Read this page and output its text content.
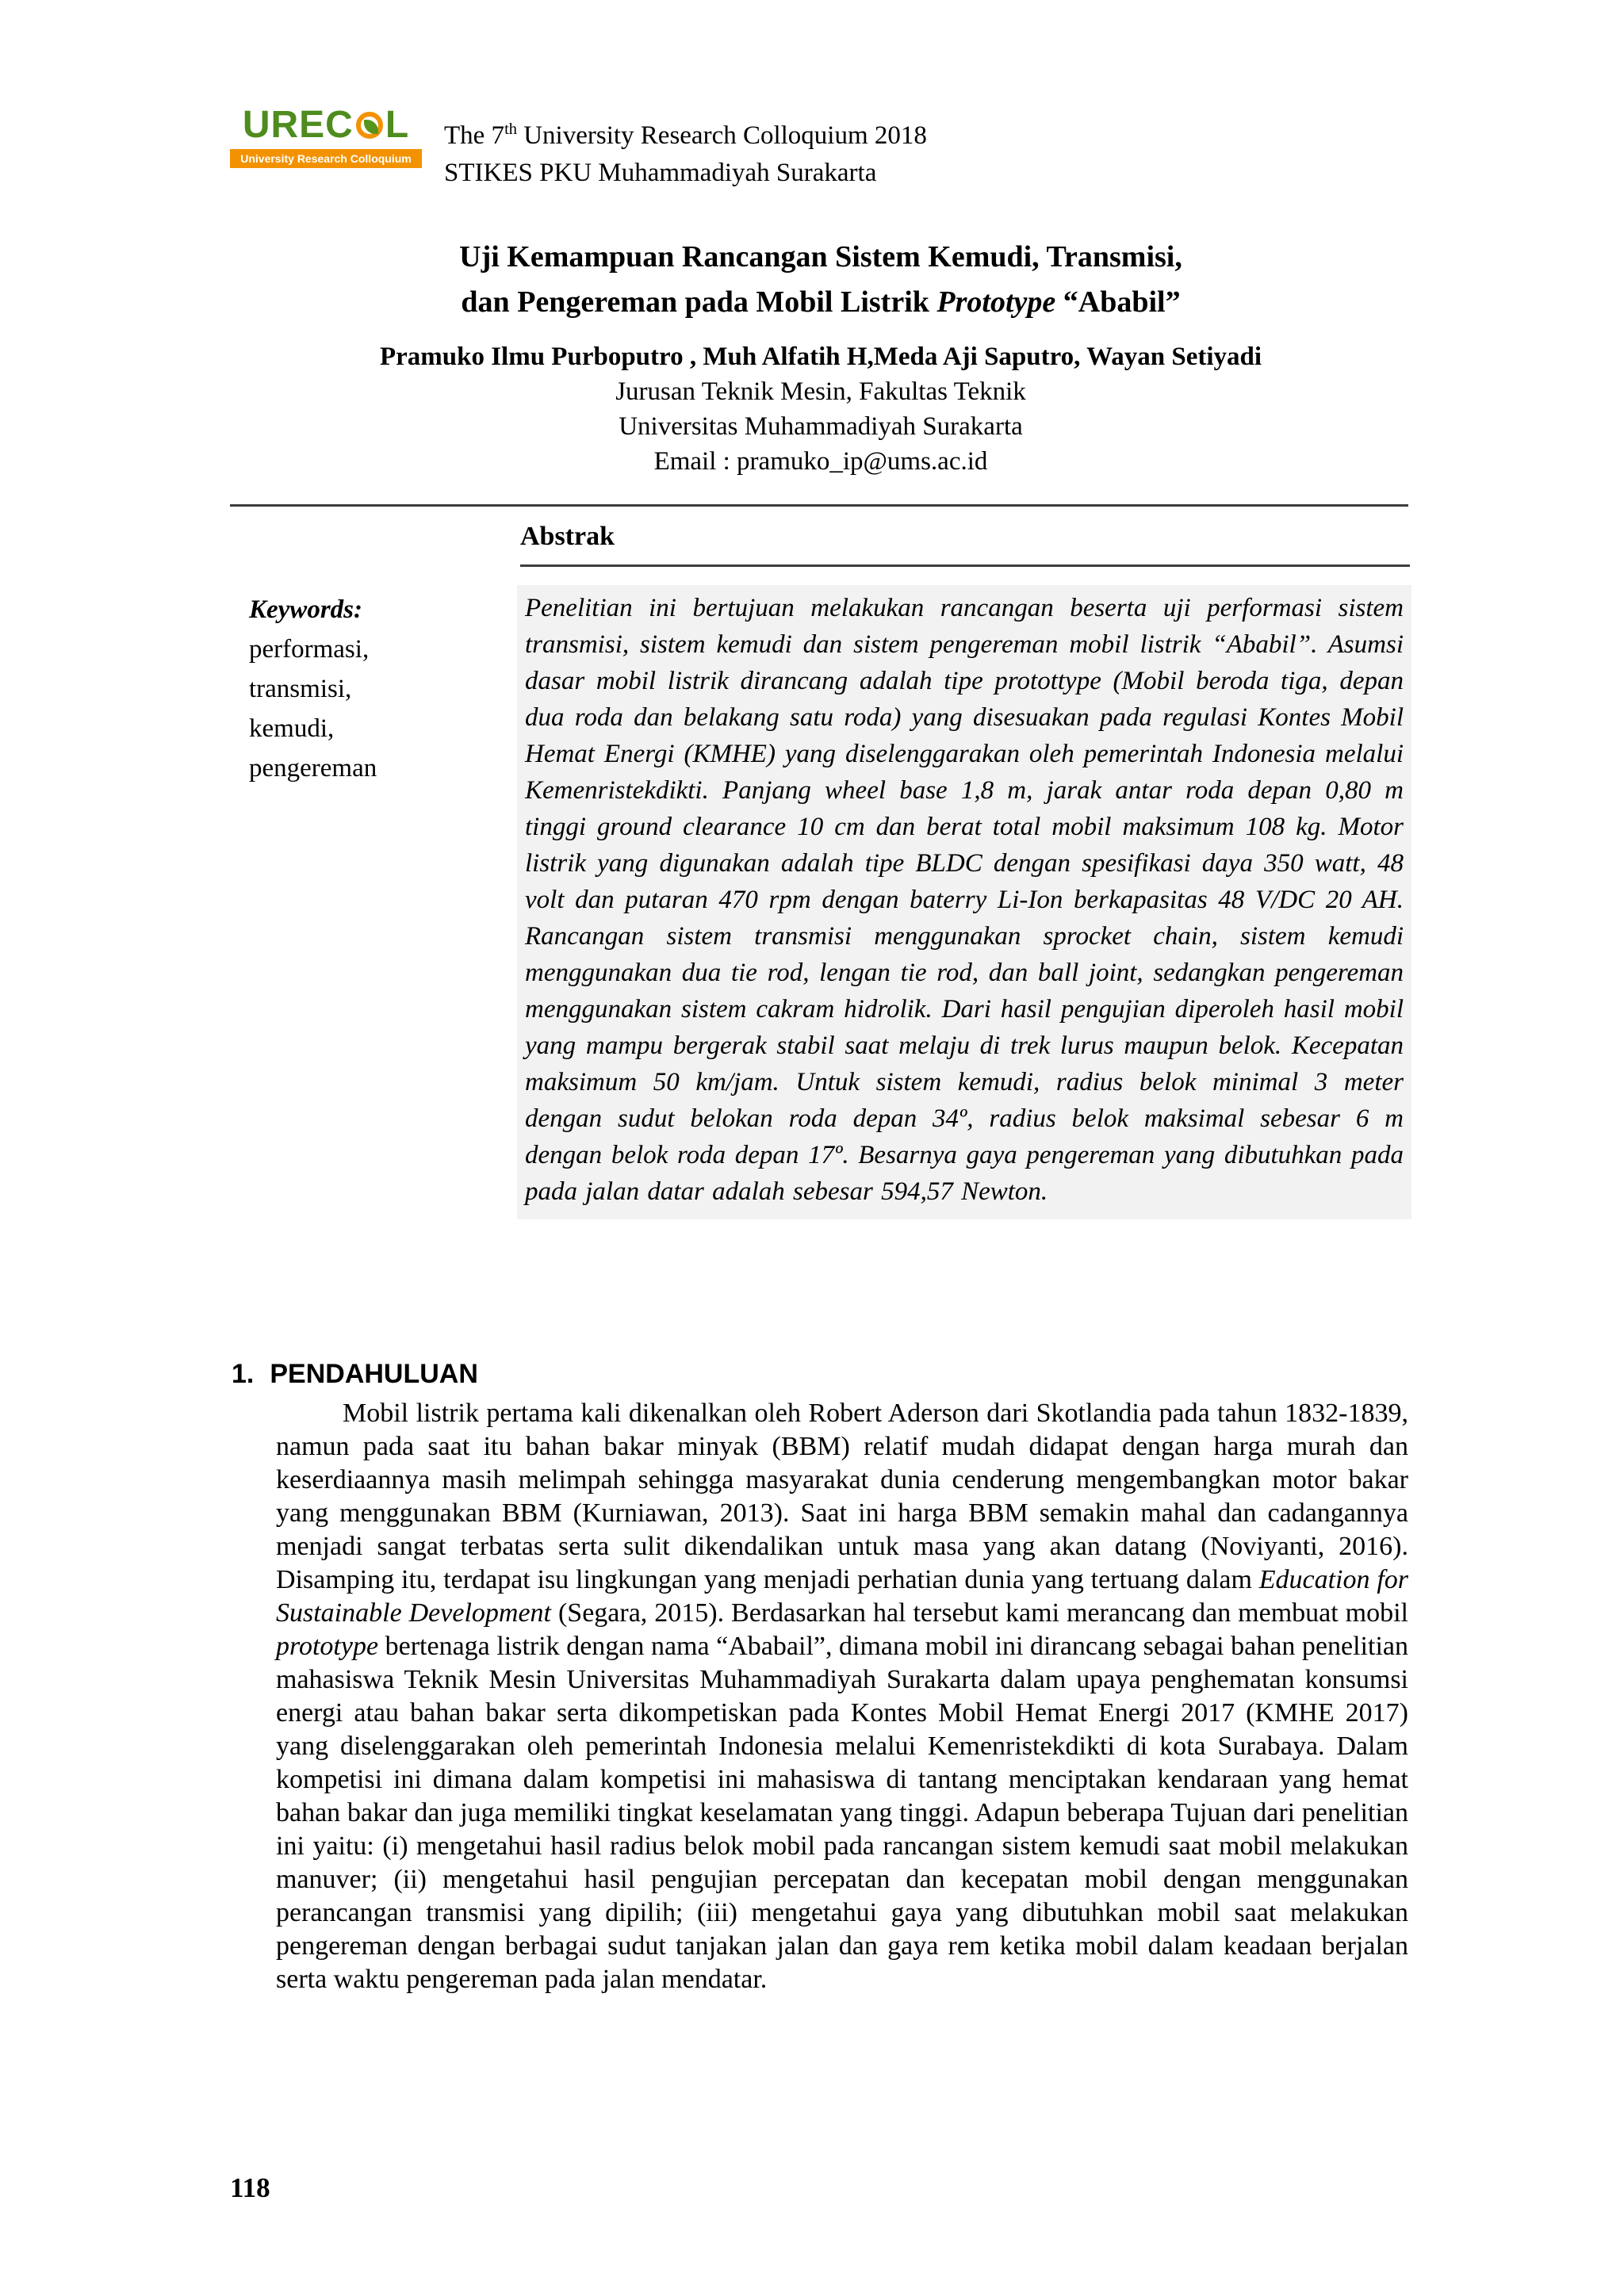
UREC L
University Research Colloquium
The 7th University Research Colloquium 2018
STIKES PKU Muhammadiyah Surakarta
Uji Kemampuan Rancangan Sistem Kemudi, Transmisi,
dan Pengereman pada Mobil Listrik Prototype “Ababil”
Pramuko Ilmu Purboputro , Muh Alfatih H,Meda Aji Saputro, Wayan Setiyadi
Jurusan Teknik Mesin, Fakultas Teknik
Universitas Muhammadiyah Surakarta
Email : pramuko_ip@ums.ac.id
Abstrak
Keywords:
performasi,
transmisi,
kemudi,
pengereman
Penelitian ini bertujuan melakukan rancangan beserta uji performasi sistem transmisi, sistem kemudi dan sistem pengereman mobil listrik “Ababil”. Asumsi dasar mobil listrik dirancang adalah tipe protottype (Mobil beroda tiga, depan dua roda dan belakang satu roda) yang disesuakan pada regulasi Kontes Mobil Hemat Energi (KMHE) yang diselenggarakan oleh pemerintah Indonesia melalui Kemenristekdikti. Panjang wheel base 1,8 m, jarak antar roda depan 0,80 m tinggi ground clearance 10 cm dan berat total mobil maksimum 108 kg. Motor listrik yang digunakan adalah tipe BLDC dengan spesifikasi daya 350 watt, 48 volt dan putaran 470 rpm dengan baterry Li-Ion berkapasitas 48 V/DC 20 AH. Rancangan sistem transmisi menggunakan sprocket chain, sistem kemudi menggunakan dua tie rod, lengan tie rod, dan ball joint, sedangkan pengereman menggunakan sistem cakram hidrolik. Dari hasil pengujian diperoleh hasil mobil yang mampu bergerak stabil saat melaju di trek lurus maupun belok. Kecepatan maksimum 50 km/jam. Untuk sistem kemudi, radius belok minimal 3 meter dengan sudut belokan roda depan 34º, radius belok maksimal sebesar 6 m dengan belok roda depan 17º. Besarnya gaya pengereman yang dibutuhkan pada pada jalan datar adalah sebesar 594,57 Newton.
1. PENDAHULUAN
Mobil listrik pertama kali dikenalkan oleh Robert Aderson dari Skotlandia pada tahun 1832-1839, namun pada saat itu bahan bakar minyak (BBM) relatif mudah didapat dengan harga murah dan keserdiaannya masih melimpah sehingga masyarakat dunia cenderung mengembangkan motor bakar yang menggunakan BBM (Kurniawan, 2013). Saat ini harga BBM semakin mahal dan cadangannya menjadi sangat terbatas serta sulit dikendalikan untuk masa yang akan datang (Noviyanti, 2016). Disamping itu, terdapat isu lingkungan yang menjadi perhatian dunia yang tertuang dalam Education for Sustainable Development (Segara, 2015). Berdasarkan hal tersebut kami merancang dan membuat mobil prototype bertenaga listrik dengan nama “Ababail”, dimana mobil ini dirancang sebagai bahan penelitian mahasiswa Teknik Mesin Universitas Muhammadiyah Surakarta dalam upaya penghematan konsumsi energi atau bahan bakar serta dikompetiskan pada Kontes Mobil Hemat Energi 2017 (KMHE 2017) yang diselenggarakan oleh pemerintah Indonesia melalui Kemenristekdikti di kota Surabaya. Dalam kompetisi ini dimana dalam kompetisi ini mahasiswa di tantang menciptakan kendaraan yang hemat bahan bakar dan juga memiliki tingkat keselamatan yang tinggi. Adapun beberapa Tujuan dari penelitian ini yaitu: (i) mengetahui hasil radius belok mobil pada rancangan sistem kemudi saat mobil melakukan manuver; (ii) mengetahui hasil pengujian percepatan dan kecepatan mobil dengan menggunakan perancangan transmisi yang dipilih; (iii) mengetahui gaya yang dibutuhkan mobil saat melakukan pengereman dengan berbagai sudut tanjakan jalan dan gaya rem ketika mobil dalam keadaan berjalan serta waktu pengereman pada jalan mendatar.
118
